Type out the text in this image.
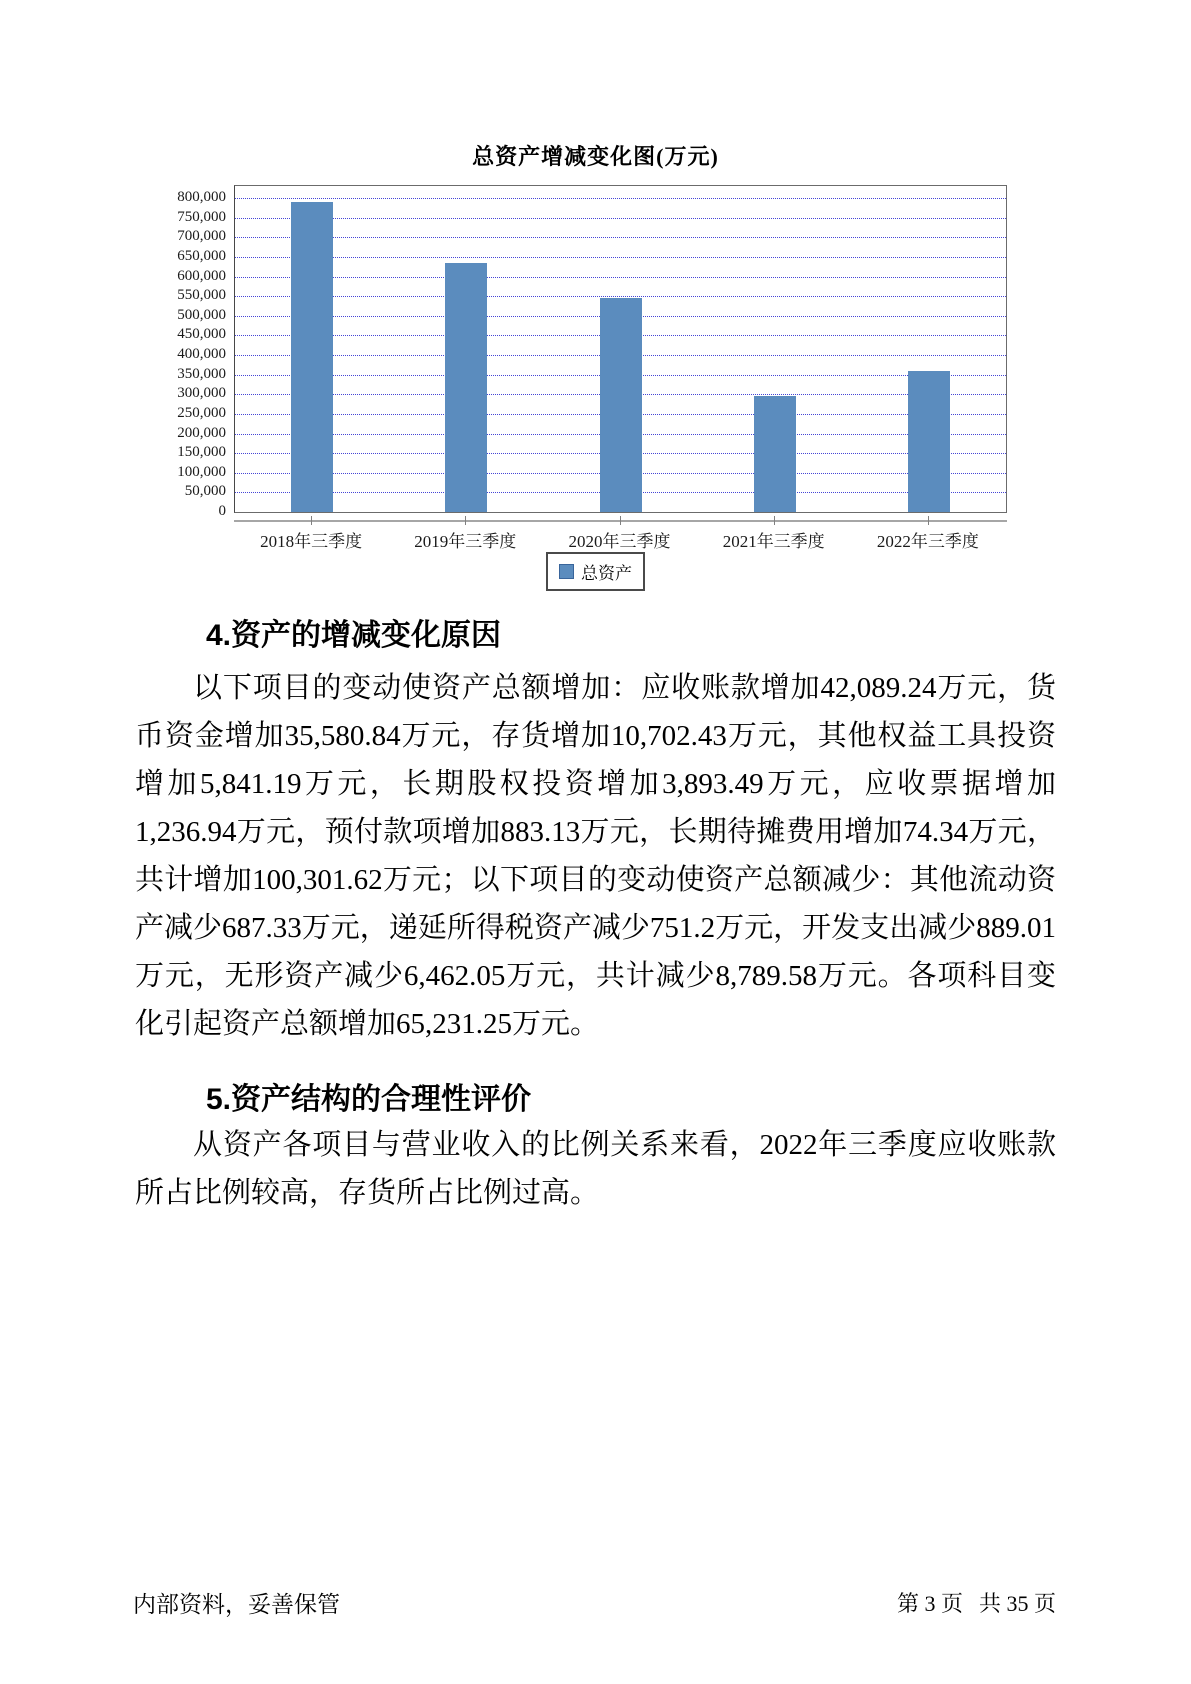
总资产增减变化图(万元)
0
50,000
100,000
150,000
200,000
250,000
300,000
350,000
400,000
450,000
500,000
550,000
600,000
650,000
700,000
750,000
800,000
2018年三季度	2019年三季度	2020年三季度	2021年三季度	2022年三季度
总资产
4.资产的增减变化原因

以下项目的变动使资产总额增加：应收账款增加42,089.24万元，货币资金增加35,580.84万元，存货增加10,702.43万元，其他权益工具投资增加5,841.19万元，长期股权投资增加3,893.49万元，应收票据增加1,236.94万元，预付款项增加883.13万元，长期待摊费用增加74.34万元，共计增加100,301.62万元；以下项目的变动使资产总额减少：其他流动资产减少687.33万元，递延所得税资产减少751.2万元，开发支出减少889.01万元，无形资产减少6,462.05万元，共计减少8,789.58万元。各项科目变化引起资产总额增加65,231.25万元。

5.资产结构的合理性评价

从资产各项目与营业收入的比例关系来看，2022年三季度应收账款所占比例较高，存货所占比例过高。

内部资料，妥善保管	第 3 页 共 35 页
